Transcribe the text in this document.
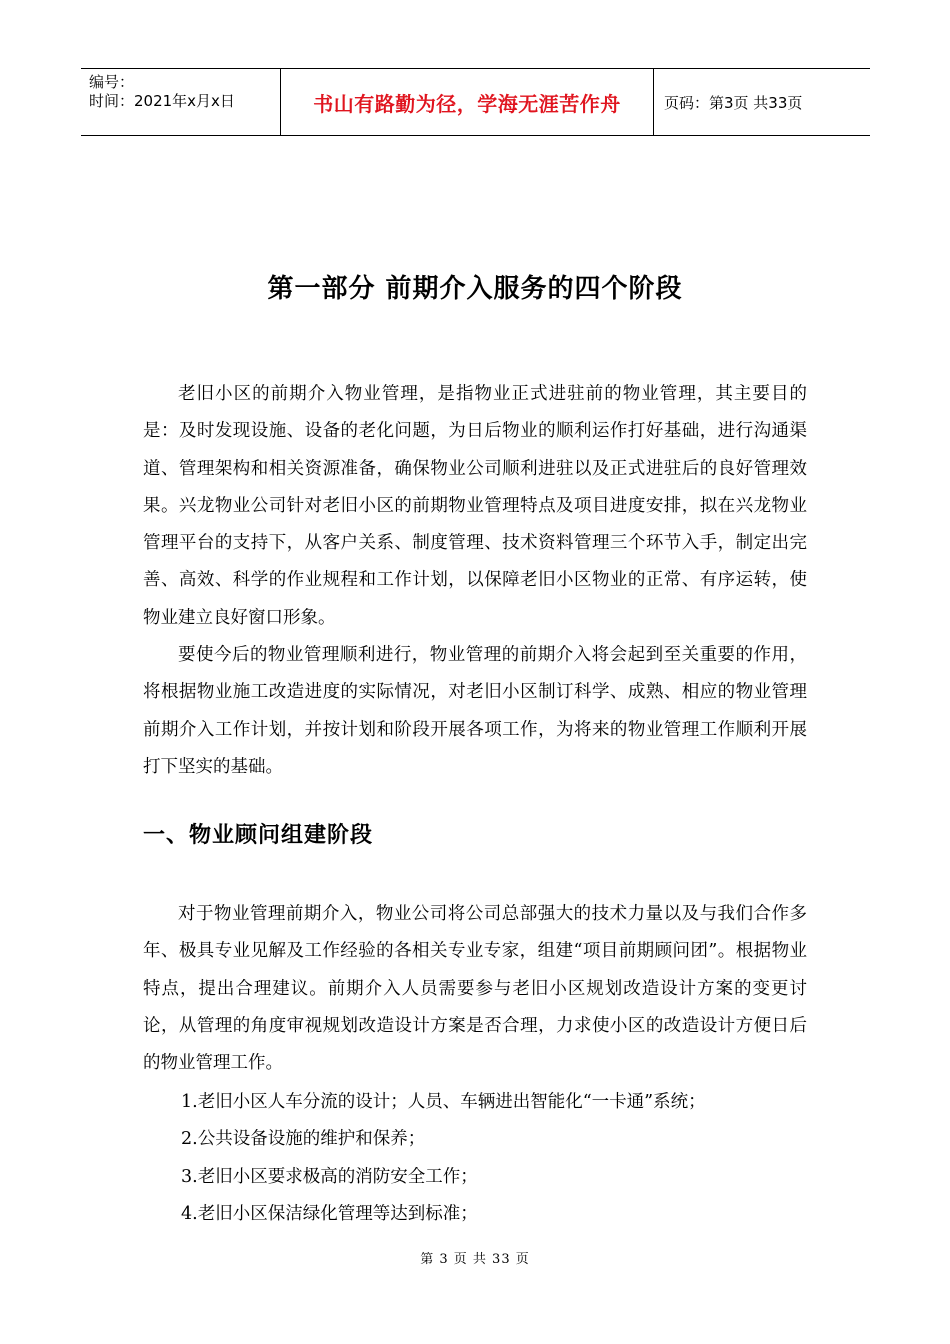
编号：
时间：2021年x月x日	书山有路勤为径，学海无涯苦作舟	页码：第3页 共33页
第一部分 前期介入服务的四个阶段

老旧小区的前期介入物业管理，是指物业正式进驻前的物业管理，其主要目的是：及时发现设施、设备的老化问题，为日后物业的顺利运作打好基础，进行沟通渠道、管理架构和相关资源准备，确保物业公司顺利进驻以及正式进驻后的良好管理效果。兴龙物业公司针对老旧小区的前期物业管理特点及项目进度安排，拟在兴龙物业管理平台的支持下，从客户关系、制度管理、技术资料管理三个环节入手，制定出完善、高效、科学的作业规程和工作计划，以保障老旧小区物业的正常、有序运转，使物业建立良好窗口形象。

要使今后的物业管理顺利进行，物业管理的前期介入将会起到至关重要的作用，将根据物业施工改造进度的实际情况，对老旧小区制订科学、成熟、相应的物业管理前期介入工作计划，并按计划和阶段开展各项工作，为将来的物业管理工作顺利开展打下坚实的基础。

一、物业顾问组建阶段

对于物业管理前期介入，物业公司将公司总部强大的技术力量以及与我们合作多年、极具专业见解及工作经验的各相关专业专家，组建“项目前期顾问团”。根据物业特点，提出合理建议。前期介入人员需要参与老旧小区规划改造设计方案的变更讨论，从管理的角度审视规划改造设计方案是否合理，力求使小区的改造设计方便日后的物业管理工作。

1.老旧小区人车分流的设计；人员、车辆进出智能化“一卡通”系统；
2.公共设备设施的维护和保养；
3.老旧小区要求极高的消防安全工作；
4.老旧小区保洁绿化管理等达到标准；
第 3 页 共 33 页
